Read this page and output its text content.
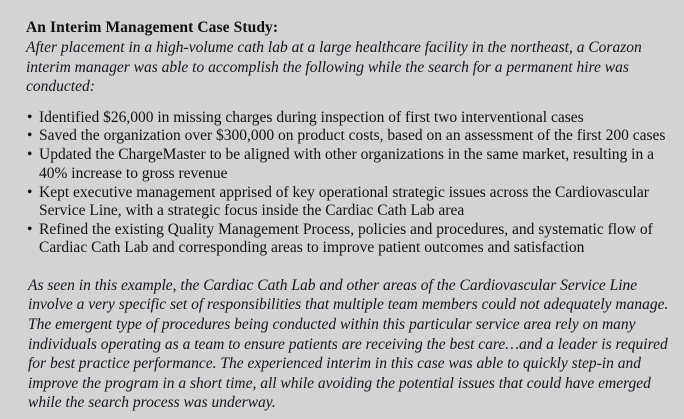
An Interim Management Case Study:

After placement in a high-volume cath lab at a large healthcare facility in the northeast, a Corazon interim manager was able to accomplish the following while the search for a permanent hire was conducted:

• Identified $26,000 in missing charges during inspection of first two interventional cases
• Saved the organization over $300,000 on product costs, based on an assessment of the first 200 cases
• Updated the ChargeMaster to be aligned with other organizations in the same market, resulting in a 40% increase to gross revenue
• Kept executive management apprised of key operational strategic issues across the Cardiovascular Service Line, with a strategic focus inside the Cardiac Cath Lab area
• Refined the existing Quality Management Process, policies and procedures, and systematic flow of Cardiac Cath Lab and corresponding areas to improve patient outcomes and satisfaction

As seen in this example, the Cardiac Cath Lab and other areas of the Cardiovascular Service Line involve a very specific set of responsibilities that multiple team members could not adequately manage. The emergent type of procedures being conducted within this particular service area rely on many individuals operating as a team to ensure patients are receiving the best care…and a leader is required for best practice performance. The experienced interim in this case was able to quickly step-in and improve the program in a short time, all while avoiding the potential issues that could have emerged while the search process was underway.
